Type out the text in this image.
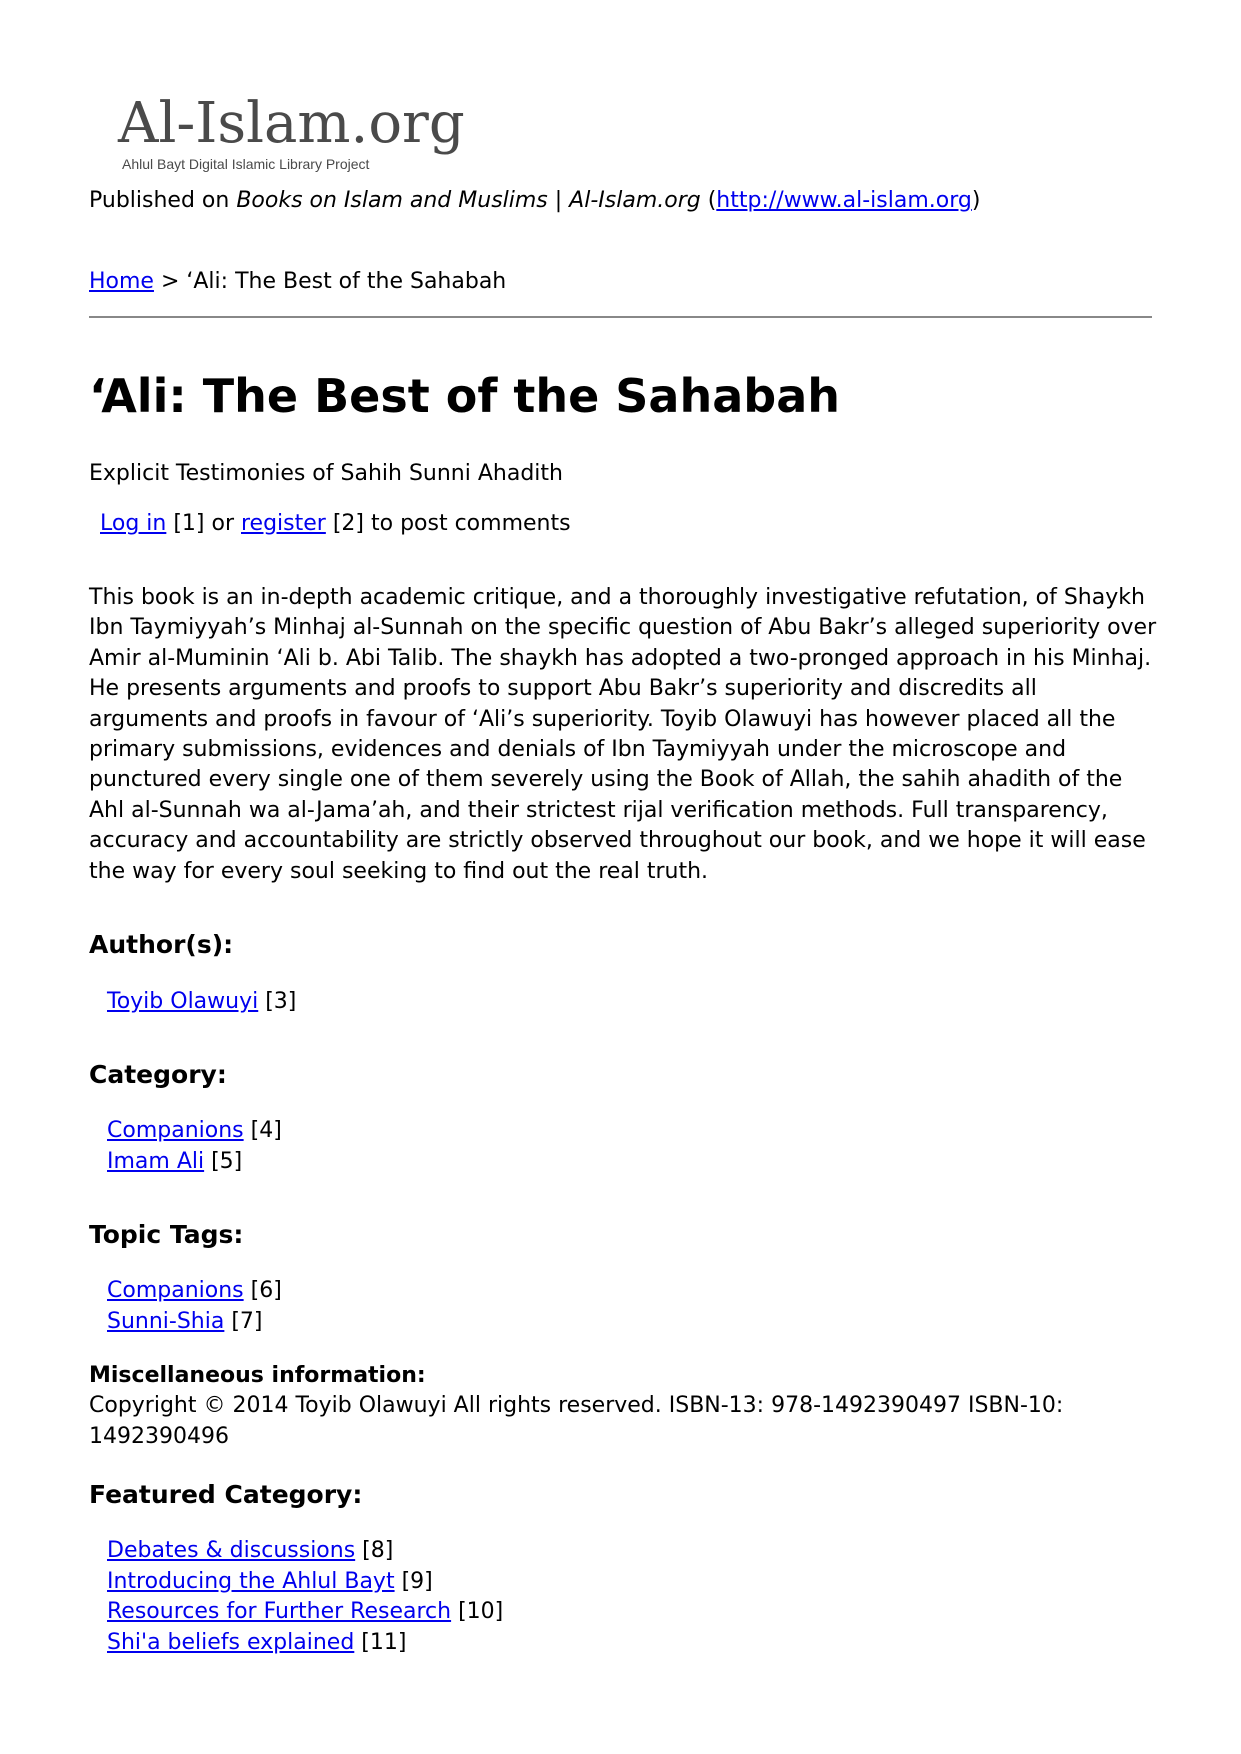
Al-Islam.org
Ahlul Bayt Digital Islamic Library Project
Published on Books on Islam and Muslims | Al-Islam.org (http://www.al-islam.org)
Home > ‘Ali: The Best of the Sahabah
‘Ali: The Best of the Sahabah
Explicit Testimonies of Sahih Sunni Ahadith
Log in [1] or register [2] to post comments

This book is an in-depth academic critique, and a thoroughly investigative refutation, of Shaykh Ibn Taymiyyah’s Minhaj al-Sunnah on the specific question of Abu Bakr’s alleged superiority over Amir al-Muminin ‘Ali b. Abi Talib. The shaykh has adopted a two-pronged approach in his Minhaj. He presents arguments and proofs to support Abu Bakr’s superiority and discredits all arguments and proofs in favour of ‘Ali’s superiority. Toyib Olawuyi has however placed all the primary submissions, evidences and denials of Ibn Taymiyyah under the microscope and punctured every single one of them severely using the Book of Allah, the sahih ahadith of the Ahl al-Sunnah wa al-Jama’ah, and their strictest rijal verification methods. Full transparency, accuracy and accountability are strictly observed throughout our book, and we hope it will ease the way for every soul seeking to find out the real truth.

Author(s):
Toyib Olawuyi [3]
Category:
Companions [4]
Imam Ali [5]
Topic Tags:
Companions [6]
Sunni-Shia [7]
Miscellaneous information:

Copyright © 2014 Toyib Olawuyi All rights reserved. ISBN-13: 978-1492390497 ISBN-10: 1492390496

Featured Category:
Debates & discussions [8]
Introducing the Ahlul Bayt [9]
Resources for Further Research [10]
Shi'a beliefs explained [11]
